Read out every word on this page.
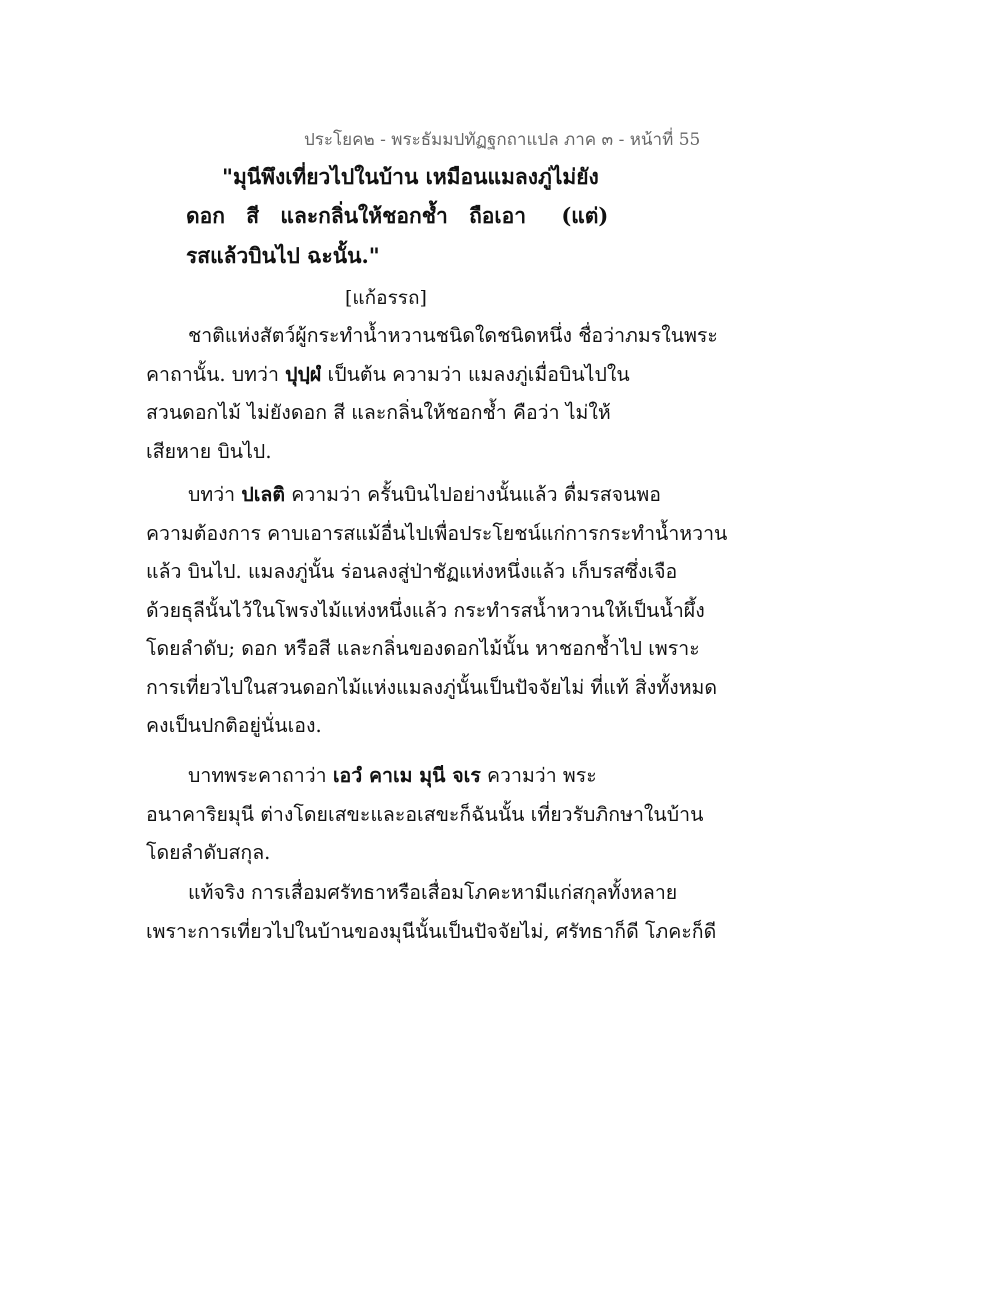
ประโยค๒ - พระธัมมปทัฏฐกถาแปล ภาค ๓ - หน้าที่ 55
"มุนีพึงเที่ยวไปในบ้าน เหมือนแมลงภู่ไม่ยัง
ดอก สี และกลิ่นให้ชอกช้ำ ถือเอา (แต่)
รสแล้วบินไป ฉะนั้น."
[แก้อรรถ]
ชาติแห่งสัตว์ผู้กระทำน้ำหวานชนิดใดชนิดหนึ่ง ชื่อว่าภมรในพระ
คาถานั้น. บทว่า ปุปฺผํ เป็นต้น ความว่า แมลงภู่เมื่อบินไปใน
สวนดอกไม้ ไม่ยังดอก สี และกลิ่นให้ชอกช้ำ คือว่า ไม่ให้
เสียหาย บินไป.
บทว่า ปเลติ ความว่า ครั้นบินไปอย่างนั้นแล้ว ดื่มรสจนพอ
ความต้องการ คาบเอารสแม้อื่นไปเพื่อประโยชน์แก่การกระทำน้ำหวาน
แล้ว บินไป. แมลงภู่นั้น ร่อนลงสู่ป่าชัฏแห่งหนึ่งแล้ว เก็บรสซึ่งเจือ
ด้วยธุลีนั้นไว้ในโพรงไม้แห่งหนึ่งแล้ว กระทำรสน้ำหวานให้เป็นน้ำผึ้ง
โดยลำดับ; ดอก หรือสี และกลิ่นของดอกไม้นั้น หาชอกช้ำไป เพราะ
การเที่ยวไปในสวนดอกไม้แห่งแมลงภู่นั้นเป็นปัจจัยไม่ ที่แท้ สิ่งทั้งหมด
คงเป็นปกติอยู่นั่นเอง.
บาทพระคาถาว่า เอวํ คาเม มุนี จเร ความว่า พระ
อนาคาริยมุนี ต่างโดยเสขะและอเสขะก็ฉันนั้น เที่ยวรับภิกษาในบ้าน
โดยลำดับสกุล.
แท้จริง การเสื่อมศรัทธาหรือเสื่อมโภคะหามีแก่สกุลทั้งหลาย
เพราะการเที่ยวไปในบ้านของมุนีนั้นเป็นปัจจัยไม่, ศรัทธาก็ดี โภคะก็ดี
